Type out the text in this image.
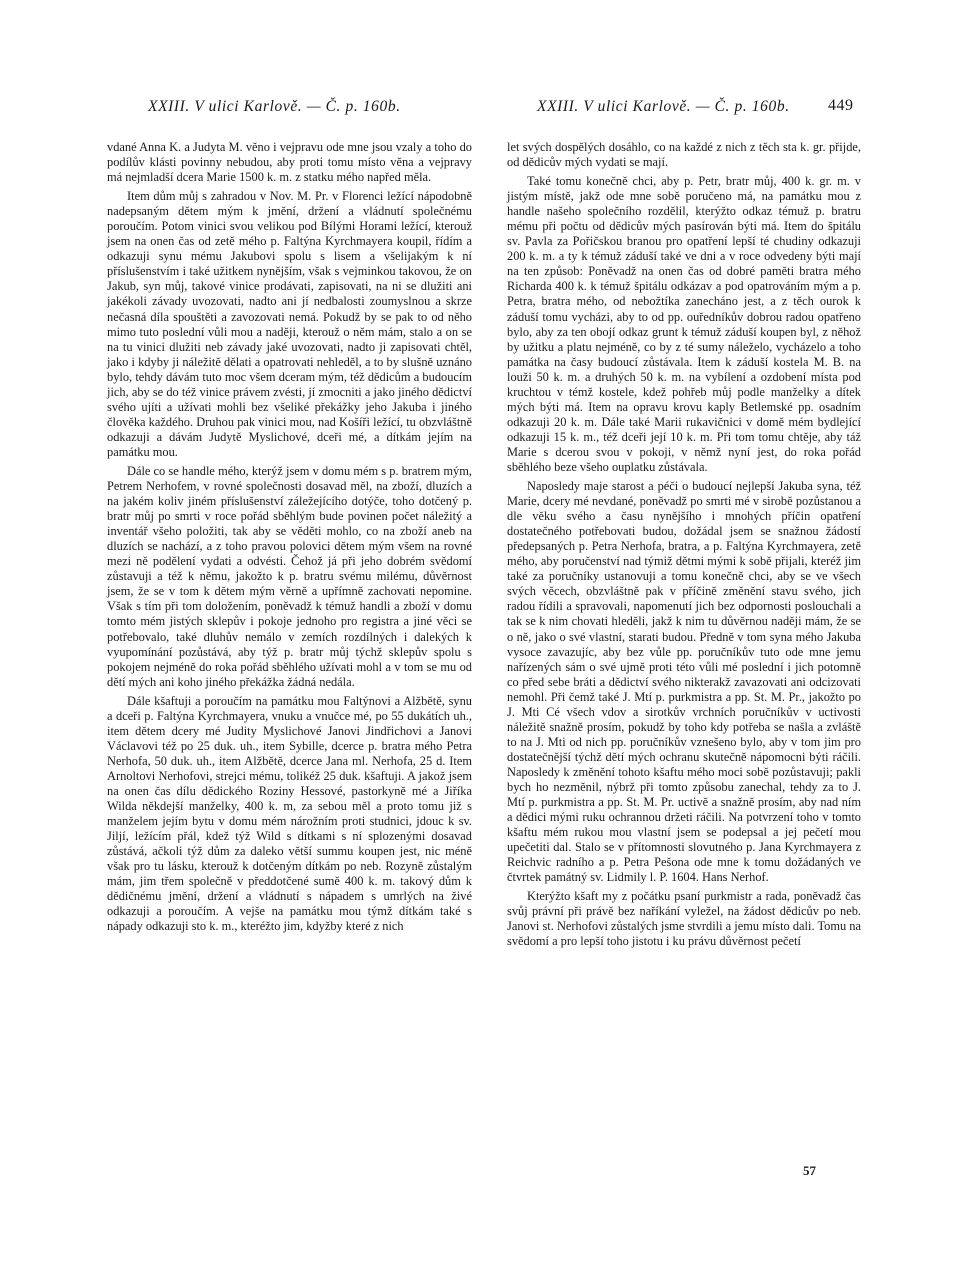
XXIII. V ulici Karlově. — Č. p. 160b.	XXIII. V ulici Karlově. — Č. p. 160b. 449

vdané Anna K. a Judyta M. věno i vejpravu ode mne jsou vzaly a toho do podílův klásti povinny nebudou, aby proti tomu místo věna a vejpravy má nejmladší dcera Marie 1500 k. m. z statku mého napřed měla.

Item dům můj s zahradou v Nov. M. Pr. v Florenci ležící nápodobně nadepsaným dětem mým k jmění, držení a vládnutí společnému poroučím. Potom vinici svou velikou pod Bílými Horami ležící, kterouž jsem na onen čas od zetě mého p. Faltýna Kyrchmayera koupil, řídím a odkazuji synu mému Jakubovi spolu s lisem a všelijakým k ní příslušenstvím i také užitkem nynějším, však s vejminkou takovou, že on Jakub, syn můj, takové vinice prodávati, zapisovati, na ni se dlužiti ani jakékoli závady uvozovati, nadto ani jí nedbalosti zoumyslnou a skrze nečasná díla spouštěti a zavozovati nemá. Pokudž by se pak to od něho mimo tuto poslední vůli mou a naději, kterouž o něm mám, stalo a on se na tu vinici dlužiti neb závady jaké uvozovati, nadto ji zapisovati chtěl, jako i kdyby ji náležitě dělati a opatrovati nehleděl, a to by slušně uznáno bylo, tehdy dávám tuto moc všem dceram mým, též dědicům a budoucím jich, aby se do též vinice právem zvésti, jí zmocniti a jako jiného dědictví svého ujíti a užívati mohli bez všeliké překážky jeho Jakuba i jiného člověka každého. Druhou pak vinici mou, nad Košíři ležící, tu obzvláštně odkazuji a dávám Judytě Myslichové, dceři mé, a dítkám jejím na památku mou.

Dále co se handle mého, kterýž jsem v domu mém s p. bratrem mým, Petrem Nerhofem, v rovné společnosti dosavad měl, na zboží, dluzích a na jakém koliv jiném příslušenství záležejícího dotýče, toho dotčený p. bratr můj po smrti v roce pořád sběhlým bude povinen počet náležitý a inventář všeho položiti, tak aby se věděti mohlo, co na zboží aneb na dluzích se nachází, a z toho pravou polovici dětem mým všem na rovné mezi ně podělení vydati a odvésti. Čehož já při jeho dobrém svědomí zůstavuji a též k němu, jakožto k p. bratru svému milému, důvěrnost jsem, že se v tom k dětem mým věrně a upřímně zachovati nepomine. Však s tím při tom doložením, poněvadž k témuž handli a zboží v domu tomto mém jistých sklepův i pokoje jednoho pro registra a jiné věci se potřebovalo, také dluhův nemálo v zemích rozdílných i dalekých k vyupomínání pozůstává, aby týž p. bratr můj týchž sklepův spolu s pokojem nejméně do roka pořád sběhlého užívati mohl a v tom se mu od dětí mých ani koho jiného překážka žádná nedála.

Dále kšaftuji a poroučím na památku mou Faltýnovi a Alžbětě, synu a dceři p. Faltýna Kyrchmayera, vnuku a vnučce mé, po 55 dukátích uh., item dětem dcery mé Judity Myslichové Janovi Jindřichovi a Janovi Václavovi též po 25 duk. uh., item Sybille, dcerce p. bratra mého Petra Nerhofa, 50 duk. uh., item Alžbětě, dcerce Jana ml. Nerhofa, 25 d. Item Arnoltovi Nerhofovi, strejci mému, tolikéž 25 duk. kšaftuji. A jakož jsem na onen čas dílu dědického Roziny Hessové, pastorkyně mé a Jiříka Wilda někdejší manželky, 400 k. m, za sebou měl a proto tomu již s manželem jejím bytu v domu mém nárožním proti studnici, jdouc k sv. Jiljí, ležícím přál, kdež týž Wild s dítkami s ní splozenými dosavad zůstává, ačkoli týž dům za daleko větší summu koupen jest, nic méně však pro tu lásku, kterouž k dotčeným dítkám po neb. Rozyně zůstalým mám, jim třem společně v předdotčené sumě 400 k. m. takový dům k dědičnému jmění, držení a vládnutí s nápadem s umrlých na živé odkazuji a poroučím. A vejše na památku mou týmž dítkám také s nápady odkazuji sto k. m., kteréžto jim, kdyžby které z nich

let svých dospělých dosáhlo, co na každé z nich z těch sta k. gr. přijde, od dědicův mých vydati se mají.

Také tomu konečně chci, aby p. Petr, bratr můj, 400 k. gr. m. v jistým místě, jakž ode mne sobě poručeno má, na památku mou z handle našeho společního rozdělil, kterýžto odkaz témuž p. bratru mému při počtu od dědicův mých pasírován býti má. Item do špitálu sv. Pavla za Pořičskou branou pro opatření lepší té chudiny odkazuji 200 k. m. a ty k témuž záduší také ve dni a v roce odvedeny býti mají na ten způsob: Poněvadž na onen čas od dobré paměti bratra mého Richarda 400 k. k témuž špitálu odkázav a pod opatrováním mým a p. Petra, bratra mého, od nebožtíka zanecháno jest, a z těch ourok k záduší tomu vycházi, aby to od pp. ouředníkův dobrou radou opatřeno bylo, aby za ten obojí odkaz grunt k témuž záduší koupen byl, z něhož by užitku a platu nejméně, co by z té sumy náleželo, vycházelo a toho památka na časy budoucí zůstávala. Item k záduší kostela M. B. na louži 50 k. m. a druhých 50 k. m. na vybílení a ozdobení místa pod kruchtou v témž kostele, kdež pohřeb můj podle manželky a dítek mých býti má. Item na opravu krovu kaply Betlemské pp. osadním odkazuji 20 k. m. Dále také Marii rukavičnici v domě mém bydlející odkazuji 15 k. m., též dceři její 10 k. m. Při tom tomu chtěje, aby táž Marie s dcerou svou v pokoji, v němž nyní jest, do roka pořád sběhlého beze všeho ouplatku zůstávala.

Naposledy maje starost a péči o budoucí nejlepší Jakuba syna, též Marie, dcery mé nevdané, poněvadž po smrti mé v sirobě pozůstanou a dle věku svého a času nynějšího i mnohých příčin opatření dostatečného potřebovati budou, dožádal jsem se snažnou žádostí předepsaných p. Petra Nerhofa, bratra, a p. Faltýna Kyrchmayera, zetě mého, aby poručenství nad týmiž dětmi mými k sobě přijali, kteréž jim také za poručníky ustanovuji a tomu konečně chci, aby se ve všech svých věcech, obzvláštně pak v příčině změnění stavu svého, jich radou řídili a spravovali, napomenutí jich bez odpornosti poslouchali a tak se k nim chovati hleděli, jakž k nim tu důvěrnou naději mám, že se o ně, jako o své vlastní, starati budou. Předně v tom syna mého Jakuba vysoce zavazujíc, aby bez vůle pp. poručníkův tuto ode mne jemu nařízených sám o své ujmě proti této vůli mé poslední i jich potomně co před sebe bráti a dědictví svého nikterakž zavazovati ani odcizovati nemohl. Při čemž také J. Mtí p. purkmistra a pp. St. M. Pr., jakožto po J. Mti Cé všech vdov a sirotkův vrchních poručníkův v uctivosti náležitě snažně prosím, pokudž by toho kdy potřeba se našla a zvláště to na J. Mti od nich pp. poručníkův vznešeno bylo, aby v tom jim pro dostatečnější týchž dětí mých ochranu skutečně nápomocni býti ráčili. Naposledy k změnění tohoto kšaftu mého moci sobě pozůstavuji; pakli bych ho nezměnil, nýbrž při tomto způsobu zanechal, tehdy za to J. Mtí p. purkmistra a pp. St. M. Pr. uctivě a snažně prosím, aby nad ním a dědici mými ruku ochrannou držeti ráčili. Na potvrzení toho v tomto kšaftu mém rukou mou vlastní jsem se podepsal a jej pečetí mou upečetiti dal. Stalo se v přítomnosti slovutného p. Jana Kyrchmayera z Reichvic radního a p. Petra Pešona ode mne k tomu dožádaných ve čtvrtek památný sv. Lidmily l. P. 1604. Hans Nerhof.

Kterýžto kšaft my z počátku psaní purkmistr a rada, poněvadž čas svůj právní při právě bez naříkání vyležel, na žádost dědicův po neb. Janovi st. Nerhofovi zůstalých jsme stvrdili a jemu místo dali. Tomu na svědomí a pro lepší toho jistotu i ku právu důvěrnost pečetí

57
